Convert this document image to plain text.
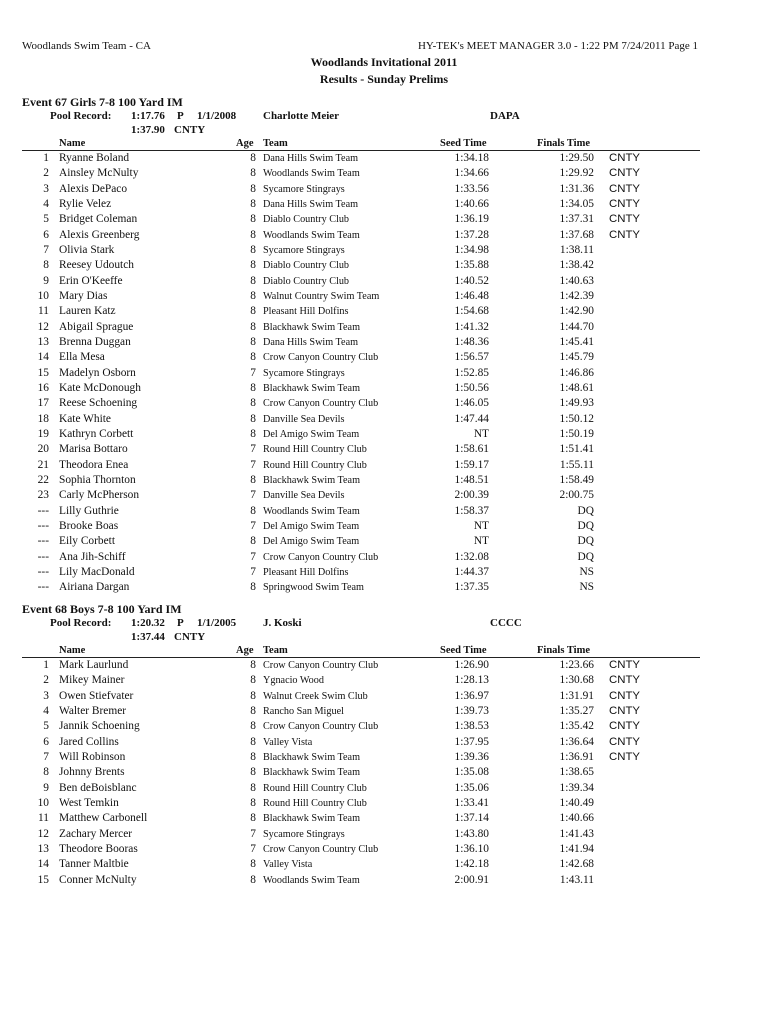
Woodlands Swim Team - CA	HY-TEK's MEET MANAGER 3.0 - 1:22 PM 7/24/2011 Page 1
Woodlands Invitational 2011
Results - Sunday Prelims
Event 67 Girls 7-8 100 Yard IM
Pool Record: 1:17.76 P 1/1/2008 Charlotte Meier	DAPA
1:37.90 CNTY
Name	Age Team	Seed Time	Finals Time
1 Ryanne Boland	8 Dana Hills Swim Team	1:34.18	1:29.50 CNTY
2 Ainsley McNulty	8 Woodlands Swim Team	1:34.66	1:29.92 CNTY
3 Alexis DePaco	8 Sycamore Stingrays	1:33.56	1:31.36 CNTY
4 Rylie Velez	8 Dana Hills Swim Team	1:40.66	1:34.05 CNTY
5 Bridget Coleman	8 Diablo Country Club	1:36.19	1:37.31 CNTY
6 Alexis Greenberg	8 Woodlands Swim Team	1:37.28	1:37.68 CNTY
7 Olivia Stark	8 Sycamore Stingrays	1:34.98	1:38.11
8 Reesey Udoutch	8 Diablo Country Club	1:35.88	1:38.42
9 Erin O'Keeffe	8 Diablo Country Club	1:40.52	1:40.63
10 Mary Dias	8 Walnut Country Swim Team	1:46.48	1:42.39
11 Lauren Katz	8 Pleasant Hill Dolfins	1:54.68	1:42.90
12 Abigail Sprague	8 Blackhawk Swim Team	1:41.32	1:44.70
13 Brenna Duggan	8 Dana Hills Swim Team	1:48.36	1:45.41
14 Ella Mesa	8 Crow Canyon Country Club	1:56.57	1:45.79
15 Madelyn Osborn	7 Sycamore Stingrays	1:52.85	1:46.86
16 Kate McDonough	8 Blackhawk Swim Team	1:50.56	1:48.61
17 Reese Schoening	8 Crow Canyon Country Club	1:46.05	1:49.93
18 Kate White	8 Danville Sea Devils	1:47.44	1:50.12
19 Kathryn Corbett	8 Del Amigo Swim Team	NT	1:50.19
20 Marisa Bottaro	7 Round Hill Country Club	1:58.61	1:51.41
21 Theodora Enea	7 Round Hill Country Club	1:59.17	1:55.11
22 Sophia Thornton	8 Blackhawk Swim Team	1:48.51	1:58.49
23 Carly McPherson	7 Danville Sea Devils	2:00.39	2:00.75
--- Lilly Guthrie	8 Woodlands Swim Team	1:58.37	DQ
--- Brooke Boas	7 Del Amigo Swim Team	NT	DQ
--- Eily Corbett	8 Del Amigo Swim Team	NT	DQ
--- Ana Jih-Schiff	7 Crow Canyon Country Club	1:32.08	DQ
--- Lily MacDonald	7 Pleasant Hill Dolfins	1:44.37	NS
--- Airiana Dargan	8 Springwood Swim Team	1:37.35	NS
Event 68 Boys 7-8 100 Yard IM
Pool Record: 1:20.32 P 1/1/2005 J. Koski	CCCC
1:37.44 CNTY
Name	Age Team	Seed Time	Finals Time
1 Mark Laurlund	8 Crow Canyon Country Club	1:26.90	1:23.66 CNTY
2 Mikey Mainer	8 Ygnacio Wood	1:28.13	1:30.68 CNTY
3 Owen Stiefvater	8 Walnut Creek Swim Club	1:36.97	1:31.91 CNTY
4 Walter Bremer	8 Rancho San Miguel	1:39.73	1:35.27 CNTY
5 Jannik Schoening	8 Crow Canyon Country Club	1:38.53	1:35.42 CNTY
6 Jared Collins	8 Valley Vista	1:37.95	1:36.64 CNTY
7 Will Robinson	8 Blackhawk Swim Team	1:39.36	1:36.91 CNTY
8 Johnny Brents	8 Blackhawk Swim Team	1:35.08	1:38.65
9 Ben deBoisblanc	8 Round Hill Country Club	1:35.06	1:39.34
10 West Temkin	8 Round Hill Country Club	1:33.41	1:40.49
11 Matthew Carbonell	8 Blackhawk Swim Team	1:37.14	1:40.66
12 Zachary Mercer	7 Sycamore Stingrays	1:43.80	1:41.43
13 Theodore Booras	7 Crow Canyon Country Club	1:36.10	1:41.94
14 Tanner Maltbie	8 Valley Vista	1:42.18	1:42.68
15 Conner McNulty	8 Woodlands Swim Team	2:00.91	1:43.11
